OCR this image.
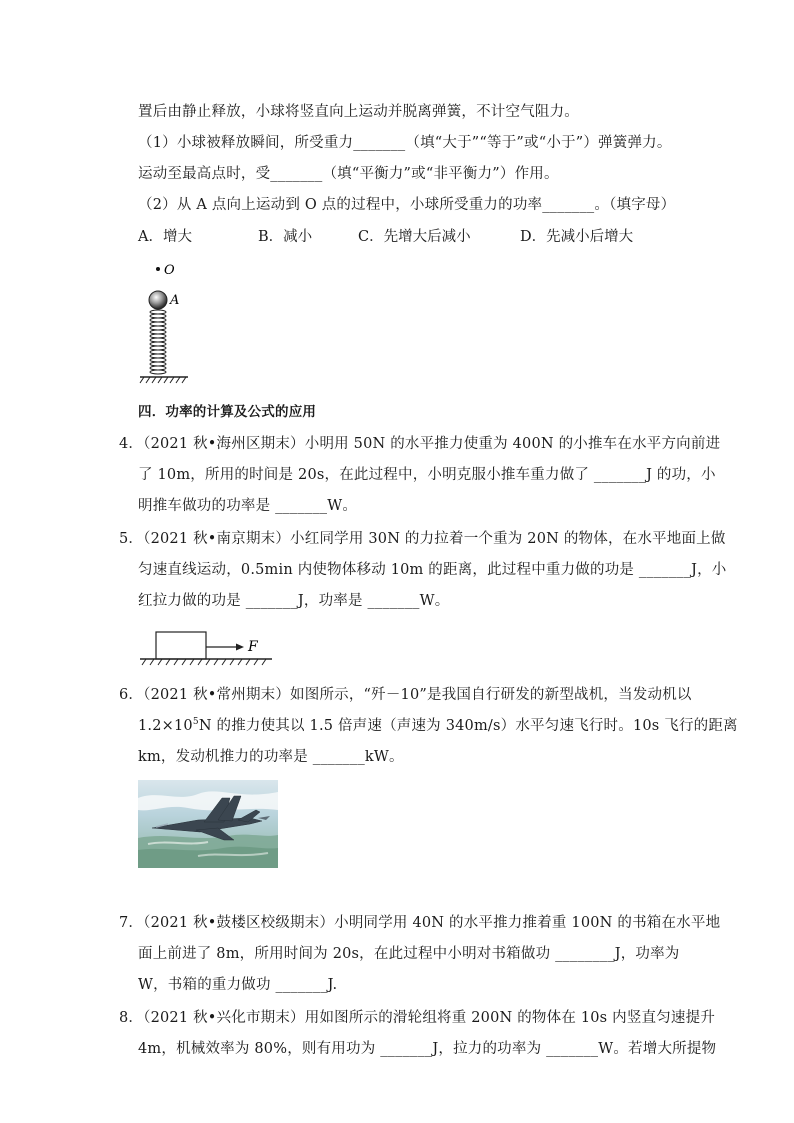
置后由静止释放，小球将竖直向上运动并脱离弹簧，不计空气阻力。
（1）小球被释放瞬间，所受重力_______（填“大于”“等于”或“小于”）弹簧弹力。
运动至最高点时，受_______（填“平衡力”或“非平衡力”）作用。
（2）从 A 点向上运动到 O 点的过程中，小球所受重力的功率_______。（填字母）
A．增大	B．减小	C．先增大后减小	D．先减小后增大
O
A
四．功率的计算及公式的应用
4．（2021 秋•海州区期末）小明用 50N 的水平推力使重为 400N 的小推车在水平方向前进
了 10m，所用的时间是 20s，在此过程中，小明克服小推车重力做了 _______J 的功，小
明推车做功的功率是 _______W。
5．（2021 秋•南京期末）小红同学用 30N 的力拉着一个重为 20N 的物体，在水平地面上做
匀速直线运动，0.5min 内使物体移动 10m 的距离，此过程中重力做的功是 _______J，小
红拉力做的功是 _______J，功率是 _______W。
F
6．（2021 秋•常州期末）如图所示，“歼－10”是我国自行研发的新型战机，当发动机以
$1.2\times 10^5N$ 的推力使其以 1.5 倍声速（声速为 340m/s）水平匀速飞行时。10s 飞行的距离
km，发动机推力的功率是 _______kW。
7．（2021 秋•鼓楼区校级期末）小明同学用 40N 的水平推力推着重 100N 的书箱在水平地
面上前进了 8m，所用时间为 20s，在此过程中小明对书箱做功 ________J，功率为
W，书箱的重力做功 _______J.
8．（2021 秋•兴化市期末）用如图所示的滑轮组将重 200N 的物体在 10s 内竖直匀速提升
4m，机械效率为 80%，则有用功为 _______J，拉力的功率为 _______W。若增大所提物
